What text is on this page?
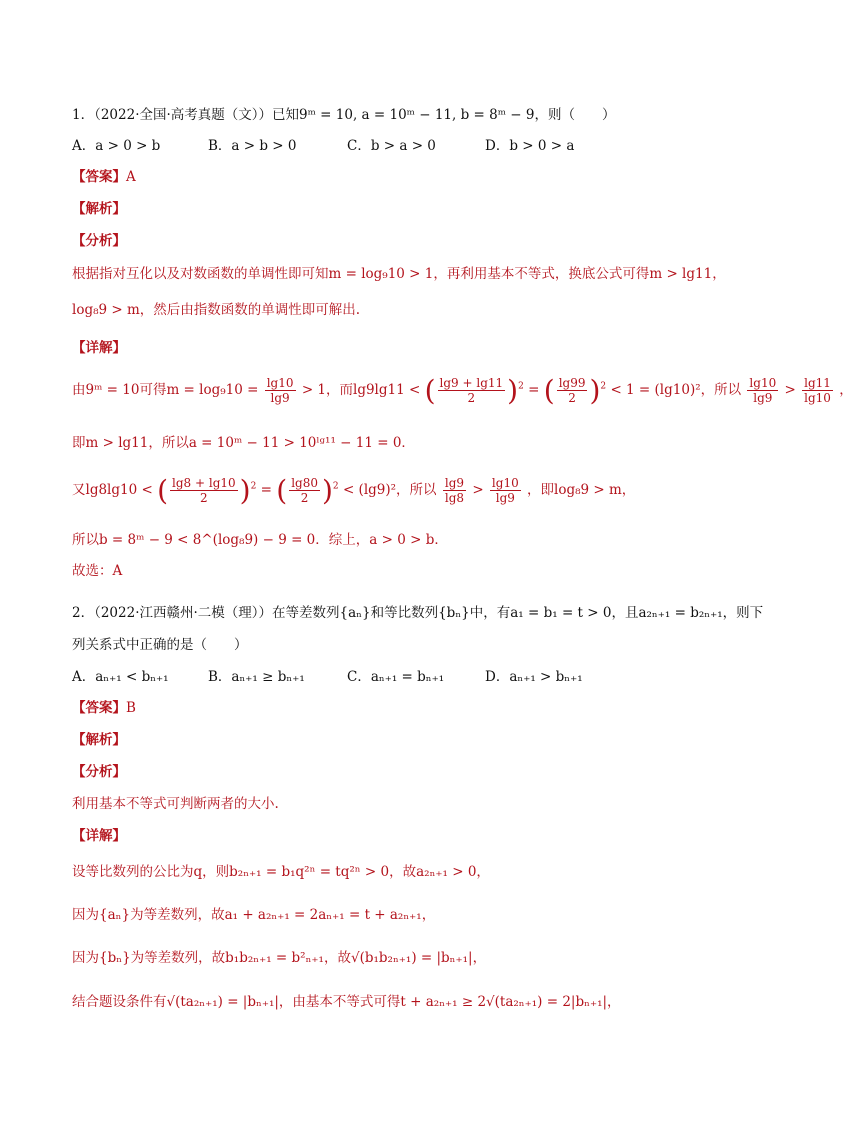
1．（2022·全国·高考真题（文））已知9ᵐ = 10, a = 10ᵐ − 11, b = 8ᵐ − 9，则（　　）
A．a > 0 > b	B．a > b > 0	C．b > a > 0	D．b > 0 > a
【答案】A
【解析】
【分析】
根据指对互化以及对数函数的单调性即可知m = log₉10 > 1，再利用基本不等式，换底公式可得m > lg11，
log₈9 > m，然后由指数函数的单调性即可解出.
【详解】
由9ᵐ = 10可得$m = \log_910 = \frac{\lg 10}{\lg 9} > 1$，而lg9lg11 < ( $\frac{\lg 9 + \lg 11}{2} )^2$ = ( $\frac{\lg 99}{2} )^2 < 1 = (\lg 10)^2$，所以 $\frac{\lg 10}{\lg 9} > \frac{\lg 11}{\lg 10}$ ，
即m > lg11，所以a = 10ᵐ − 11 > 10ˡᵍ¹¹ − 11 = 0．
又lg8lg10 < ( $\frac{\lg 8 + \lg 10}{2} )^2$ = ( $\frac{\lg 80}{2} )^2 < (\lg 9)^2$，所以 $\frac{\lg 9}{\lg 8} > \frac{\lg 10}{\lg 9}$ ，即log₈9 > m，
所以b = 8ᵐ − 9 < 8^(log₈9) − 9 = 0．综上，a > 0 > b．
故选：A
2．（2022·江西赣州·二模（理））在等差数列{aₙ}和等比数列{bₙ}中，有a₁ = b₁ = t > 0，且a₂ₙ₊₁ = b₂ₙ₊₁，则下
列关系式中正确的是（　　）
A．aₙ₊₁ < bₙ₊₁	B．aₙ₊₁ ≥ bₙ₊₁	C．aₙ₊₁ = bₙ₊₁	D．aₙ₊₁ > bₙ₊₁
【答案】B
【解析】
【分析】
利用基本不等式可判断两者的大小.
【详解】
设等比数列的公比为q，则b₂ₙ₊₁ = b₁q²ⁿ = tq²ⁿ > 0，故a₂ₙ₊₁ > 0，
因为{aₙ}为等差数列，故a₁ + a₂ₙ₊₁ = 2aₙ₊₁ = t + a₂ₙ₊₁，
因为{bₙ}为等差数列，故b₁b₂ₙ₊₁ = b²ₙ₊₁，故√(b₁b₂ₙ₊₁) = |bₙ₊₁|，
结合题设条件有√(ta₂ₙ₊₁) = |bₙ₊₁|，由基本不等式可得t + a₂ₙ₊₁ ≥ 2√(ta₂ₙ₊₁) = 2|bₙ₊₁|，
